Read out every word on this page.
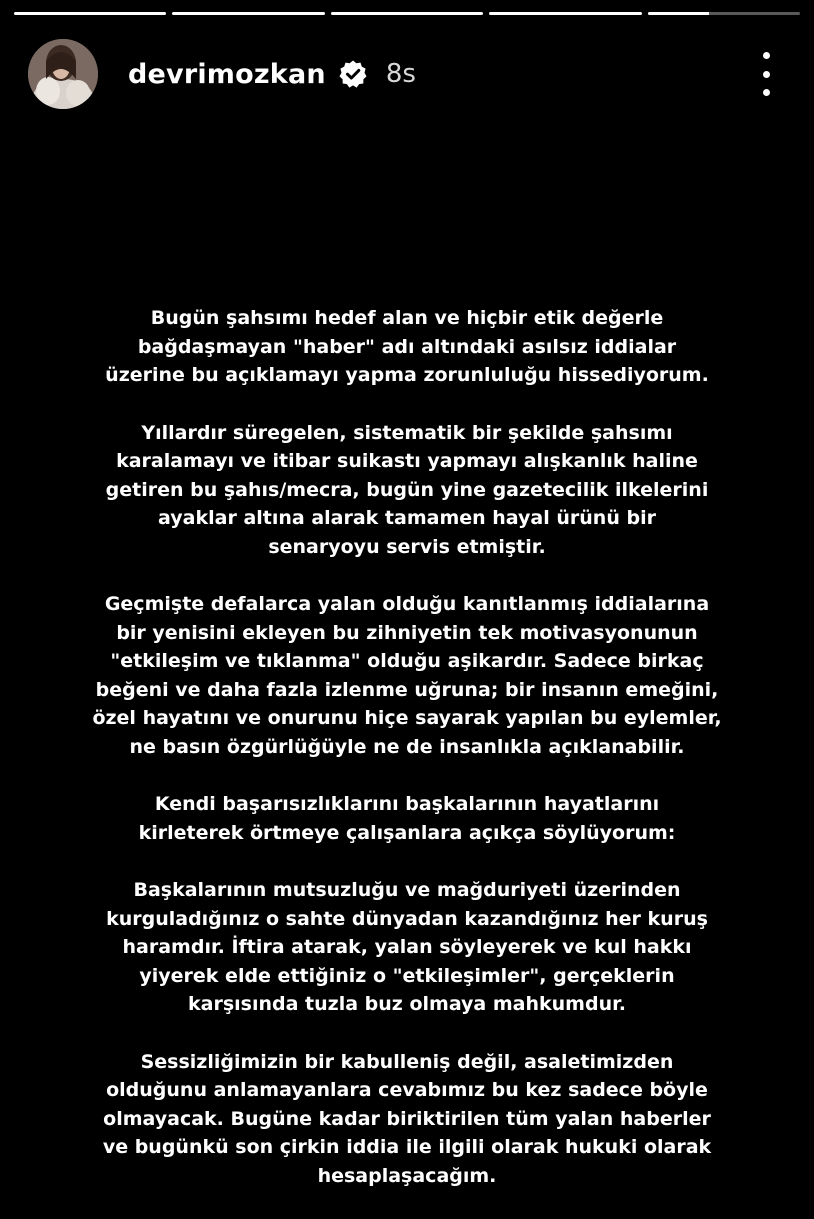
devrimozkan 8s

Bugün şahsımı hedef alan ve hiçbir etik değerle
bağdaşmayan "haber" adı altındaki asılsız iddialar
üzerine bu açıklamayı yapma zorunluluğu hissediyorum.

Yıllardır süregelen, sistematik bir şekilde şahsımı
karalamayı ve itibar suikastı yapmayı alışkanlık haline
getiren bu şahıs/mecra, bugün yine gazetecilik ilkelerini
ayaklar altına alarak tamamen hayal ürünü bir
senaryoyu servis etmiştir.

Geçmişte defalarca yalan olduğu kanıtlanmış iddialarına
bir yenisini ekleyen bu zihniyetin tek motivasyonunun
"etkileşim ve tıklanma" olduğu aşikardır. Sadece birkaç
beğeni ve daha fazla izlenme uğruna; bir insanın emeğini,
özel hayatını ve onurunu hiçe sayarak yapılan bu eylemler,
ne basın özgürlüğüyle ne de insanlıkla açıklanabilir.

Kendi başarısızlıklarını başkalarının hayatlarını
kirleterek örtmeye çalışanlara açıkça söylüyorum:

Başkalarının mutsuzluğu ve mağduriyeti üzerinden
kurguladığınız o sahte dünyadan kazandığınız her kuruş
haramdır. İftira atarak, yalan söyleyerek ve kul hakkı
yiyerek elde ettiğiniz o "etkileşimler", gerçeklerin
karşısında tuzla buz olmaya mahkumdur.

Sessizliğimizin bir kabulleniş değil, asaletimizden
olduğunu anlamayanlara cevabımız bu kez sadece böyle
olmayacak. Bugüne kadar biriktirilen tüm yalan haberler
ve bugünkü son çirkin iddia ile ilgili olarak hukuki olarak
hesaplaşacağım.
